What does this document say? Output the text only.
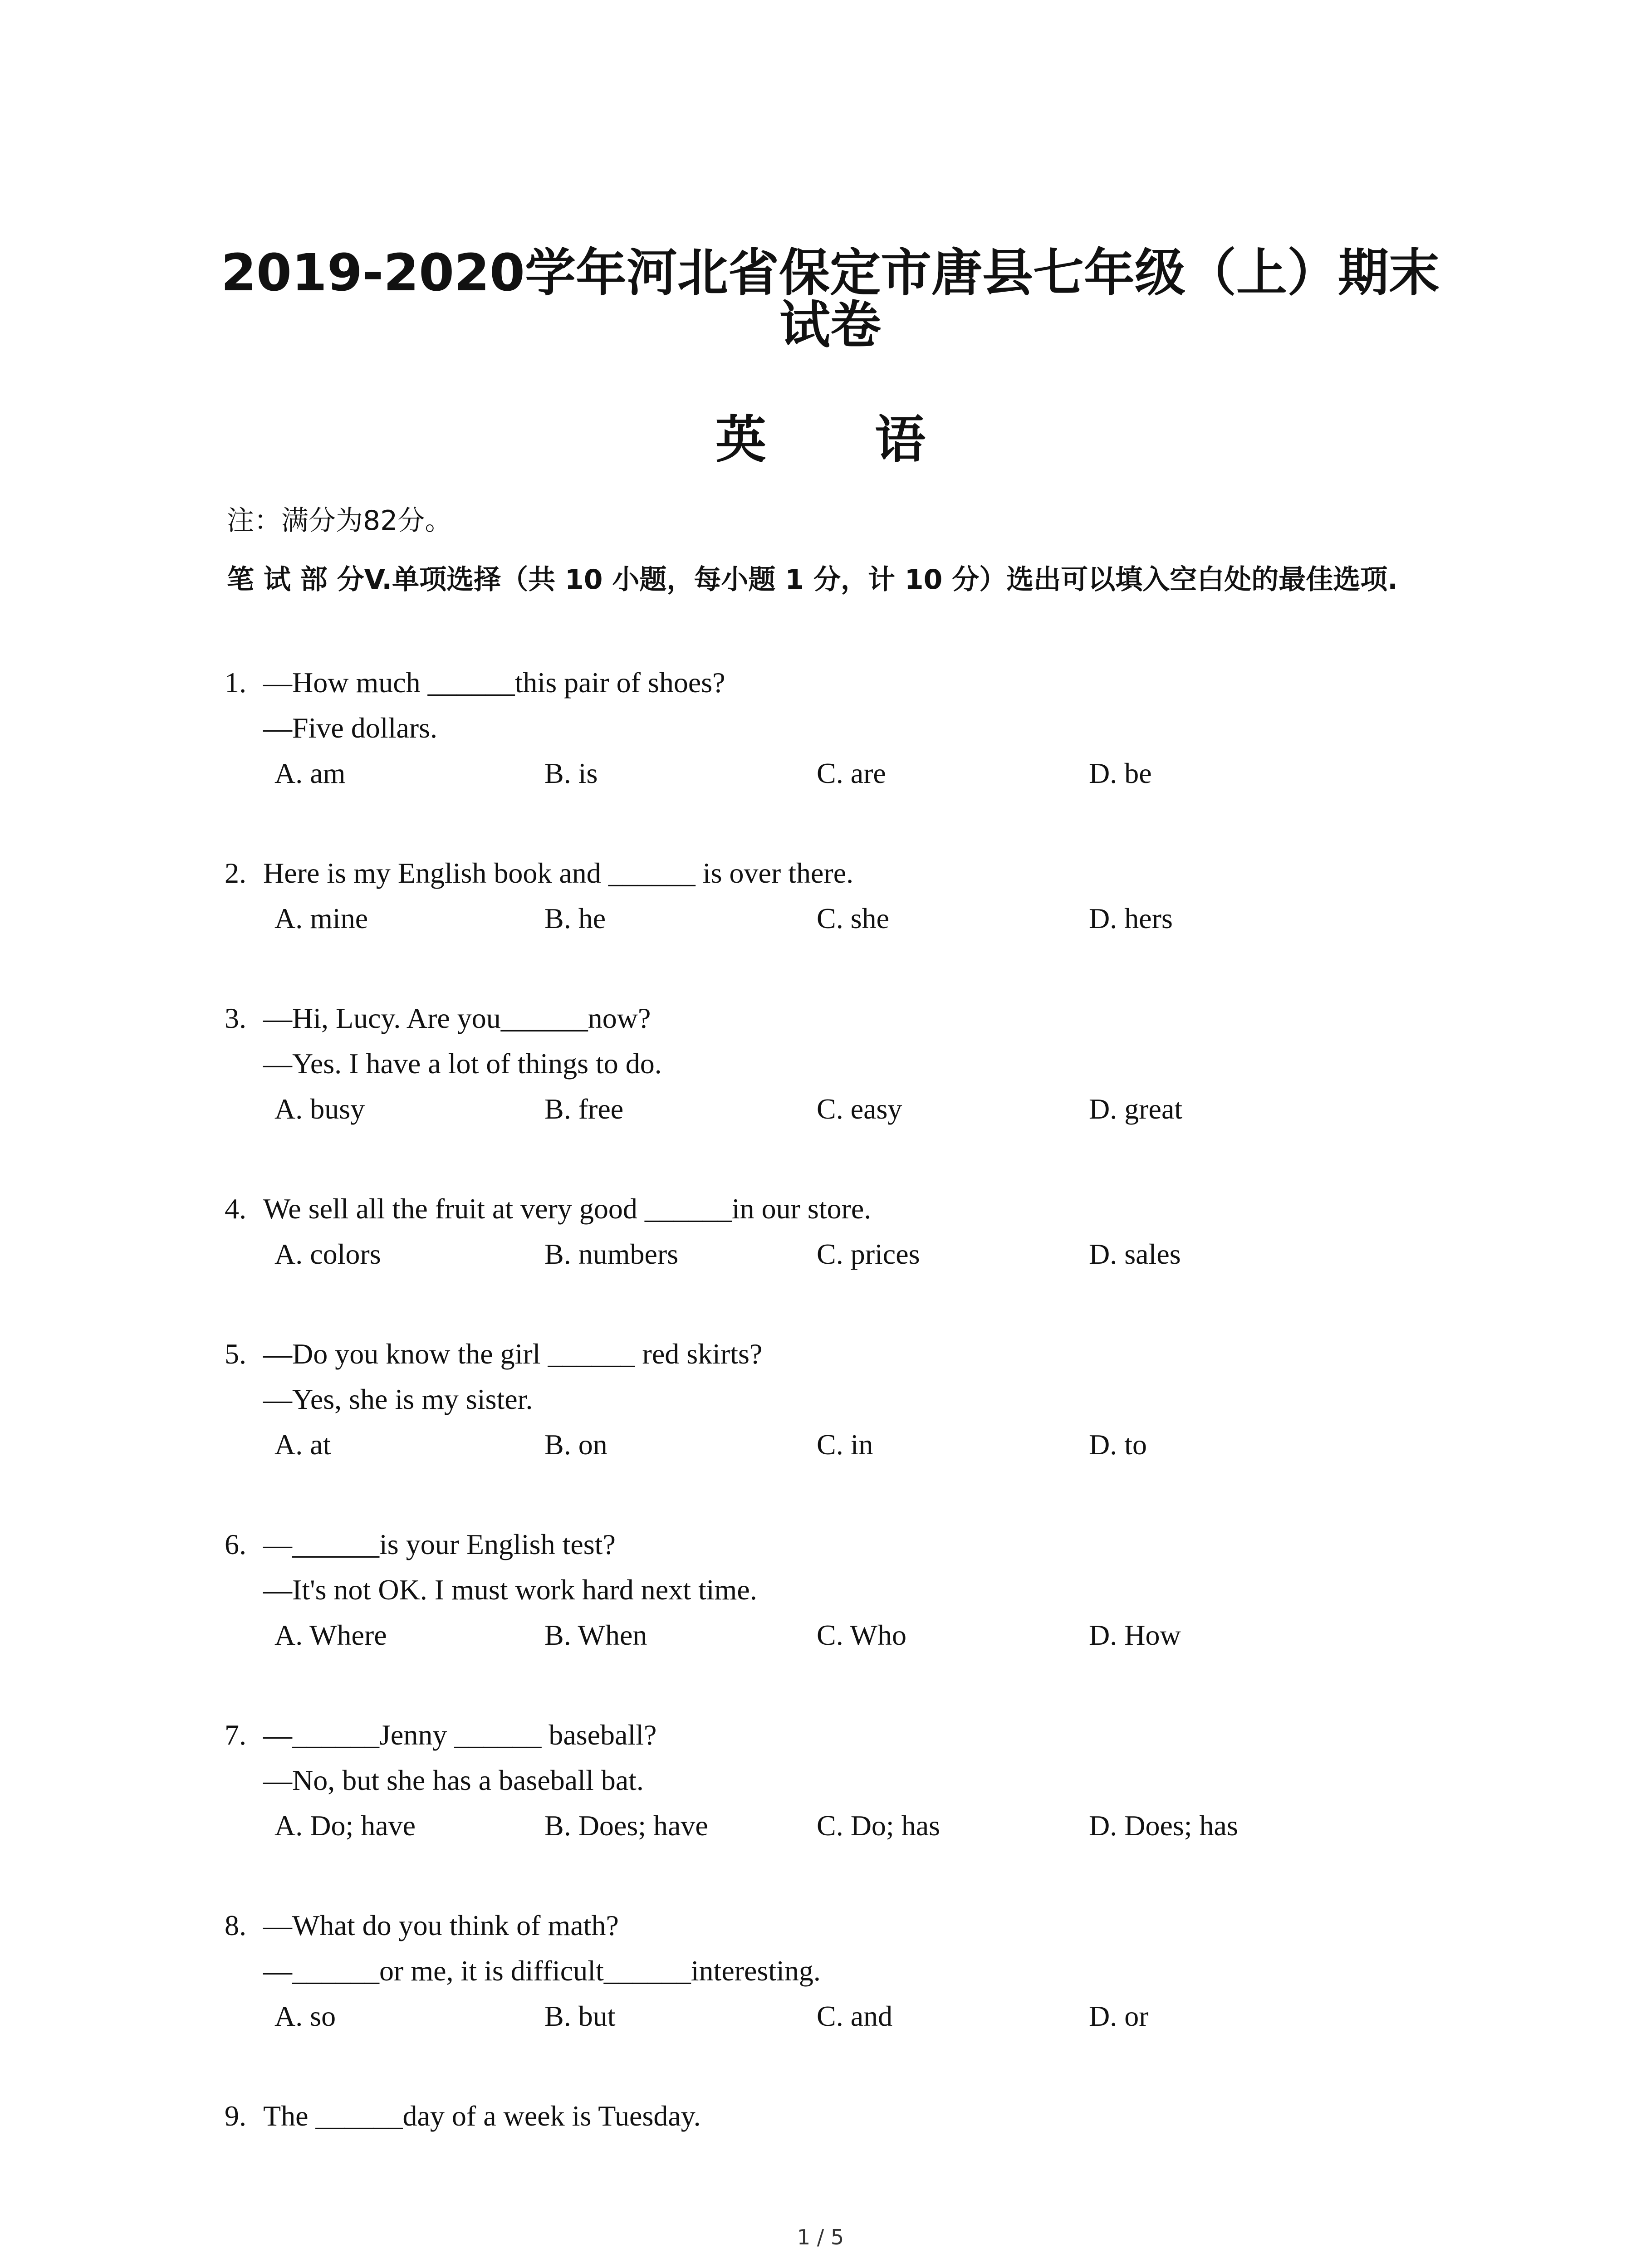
2019-2020学年河北省保定市唐县七年级（上）期末试卷
英 语
注：满分为82分。
笔 试 部 分V.单项选择（共 10 小题，每小题 1 分，计 10 分）选出可以填入空白处的最佳选项.
1. —How much ______this pair of shoes?
—Five dollars.
A. am	B. is	C. are	D. be
2. Here is my English book and ______ is over there.
A. mine	B. he	C. she	D. hers
3. —Hi, Lucy. Are you______now?
—Yes. I have a lot of things to do.
A. busy	B. free	C. easy	D. great
4. We sell all the fruit at very good ______in our store.
A. colors	B. numbers	C. prices	D. sales
5. —Do you know the girl ______ red skirts?
—Yes, she is my sister.
A. at	B. on	C. in	D. to
6. —______is your English test?
—It's not OK. I must work hard next time.
A. Where	B. When	C. Who	D. How
7. —______Jenny ______ baseball?
—No, but she has a baseball bat.
A. Do; have	B. Does; have	C. Do; has	D. Does; has
8. —What do you think of math?
—______or me, it is difficult______interesting.
A. so	B. but	C. and	D. or
9. The ______day of a week is Tuesday.
1 / 5
